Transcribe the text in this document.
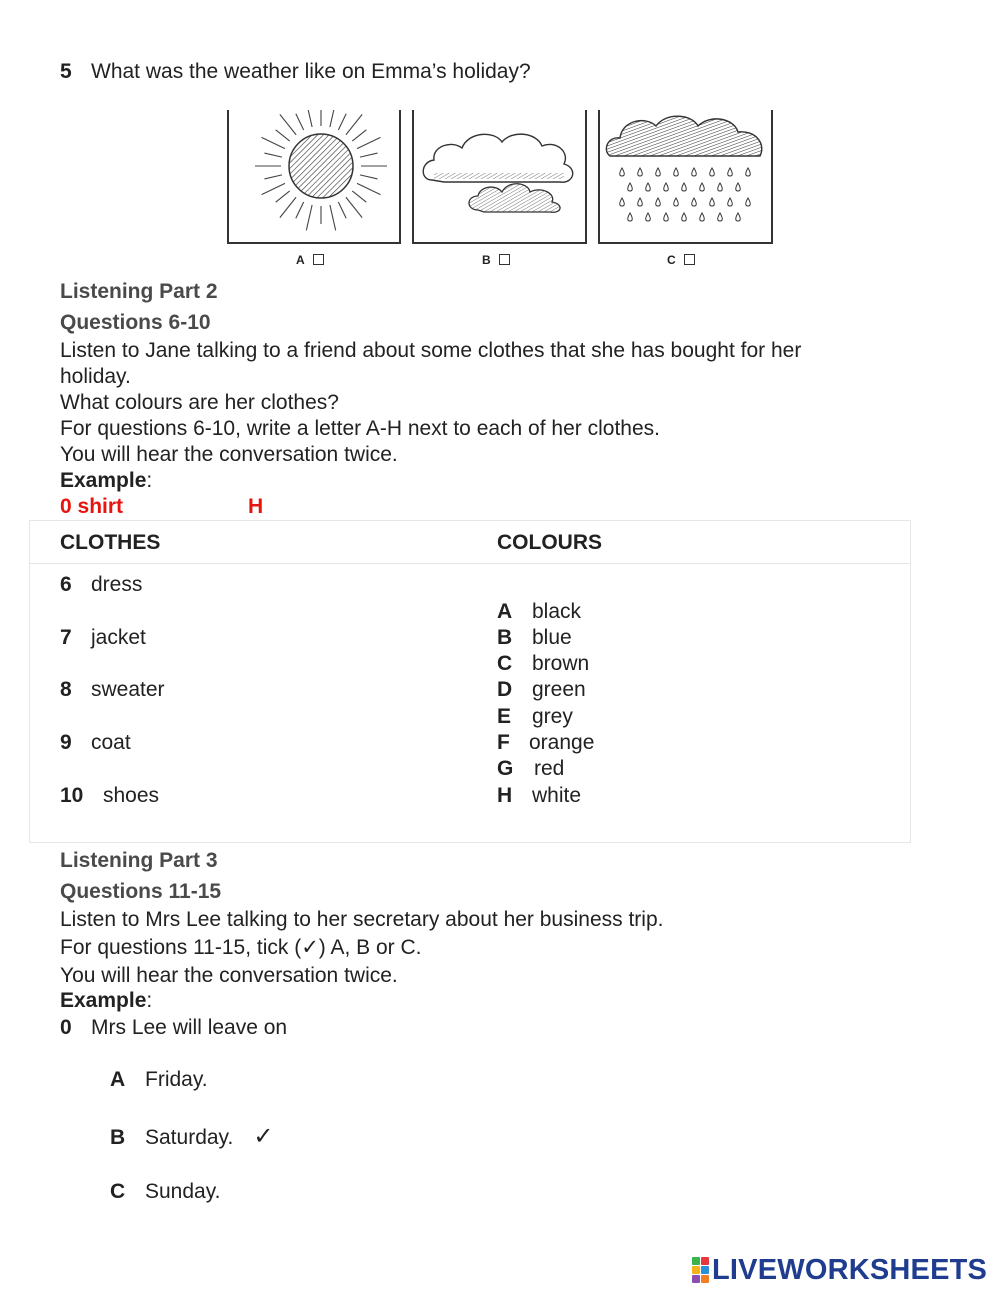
5 What was the weather like on Emma’s holiday?
A	B	C
Listening Part 2
Questions 6-10
Listen to Jane talking to a friend about some clothes that she has bought for her
holiday.
What colours are her clothes?
For questions 6-10, write a letter A-H next to each of her clothes.
You will hear the conversation twice.
Example:
0 shirt	H
CLOTHES	COLOURS
6 dress
7 jacket
8 sweater
9 coat
10 shoes
A black
B blue
C brown
D green
E grey
F orange
G red
H white
Listening Part 3
Questions 11-15
Listen to Mrs Lee talking to her secretary about her business trip.
For questions 11-15, tick (✓) A, B or C.
You will hear the conversation twice.
Example:
0 Mrs Lee will leave on
A Friday.
B Saturday. ✓
C Sunday.
LIVEWORKSHEETS
